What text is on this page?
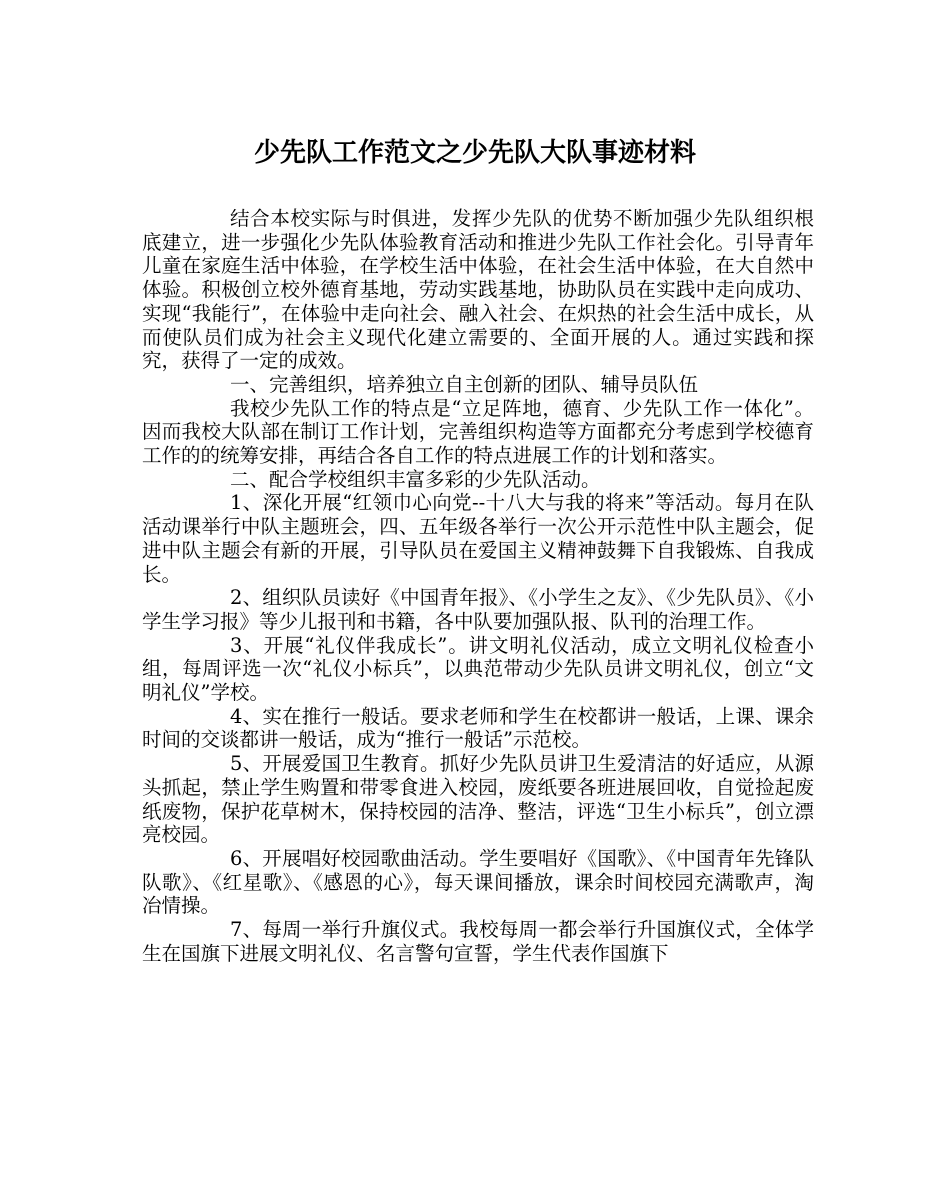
少先队工作范文之少先队大队事迹材料

结合本校实际与时俱进，发挥少先队的优势不断加强少先队组织根底建立，进一步强化少先队体验教育活动和推进少先队工作社会化。引导青年儿童在家庭生活中体验，在学校生活中体验，在社会生活中体验，在大自然中体验。积极创立校外德育基地，劳动实践基地，协助队员在实践中走向成功、实现“我能行”，在体验中走向社会、融入社会、在炽热的社会生活中成长，从而使队员们成为社会主义现代化建立需要的、全面开展的人。通过实践和探究，获得了一定的成效。

一、完善组织，培养独立自主创新的团队、辅导员队伍

我校少先队工作的特点是“立足阵地，德育、少先队工作一体化”。因而我校大队部在制订工作计划，完善组织构造等方面都充分考虑到学校德育工作的的统筹安排，再结合各自工作的特点进展工作的计划和落实。

二、配合学校组织丰富多彩的少先队活动。

1、深化开展“红领巾心向党--十八大与我的将来”等活动。每月在队活动课举行中队主题班会，四、五年级各举行一次公开示范性中队主题会，促进中队主题会有新的开展，引导队员在爱国主义精神鼓舞下自我锻炼、自我成长。

2、组织队员读好《中国青年报》、《小学生之友》、《少先队员》、《小学生学习报》等少儿报刊和书籍，各中队要加强队报、队刊的治理工作。

3、开展“礼仪伴我成长”。讲文明礼仪活动，成立文明礼仪检查小组，每周评选一次“礼仪小标兵”，以典范带动少先队员讲文明礼仪，创立“文明礼仪”学校。

4、实在推行一般话。要求老师和学生在校都讲一般话，上课、课余时间的交谈都讲一般话，成为“推行一般话”示范校。

5、开展爱国卫生教育。抓好少先队员讲卫生爱清洁的好适应，从源头抓起，禁止学生购置和带零食进入校园，废纸要各班进展回收，自觉捡起废纸废物，保护花草树木，保持校园的洁净、整洁，评选“卫生小标兵”，创立漂亮校园。

6、开展唱好校园歌曲活动。学生要唱好《国歌》、《中国青年先锋队队歌》、《红星歌》、《感恩的心》，每天课间播放，课余时间校园充满歌声，淘冶情操。

7、每周一举行升旗仪式。我校每周一都会举行升国旗仪式，全体学生在国旗下进展文明礼仪、名言警句宣誓，学生代表作国旗下
